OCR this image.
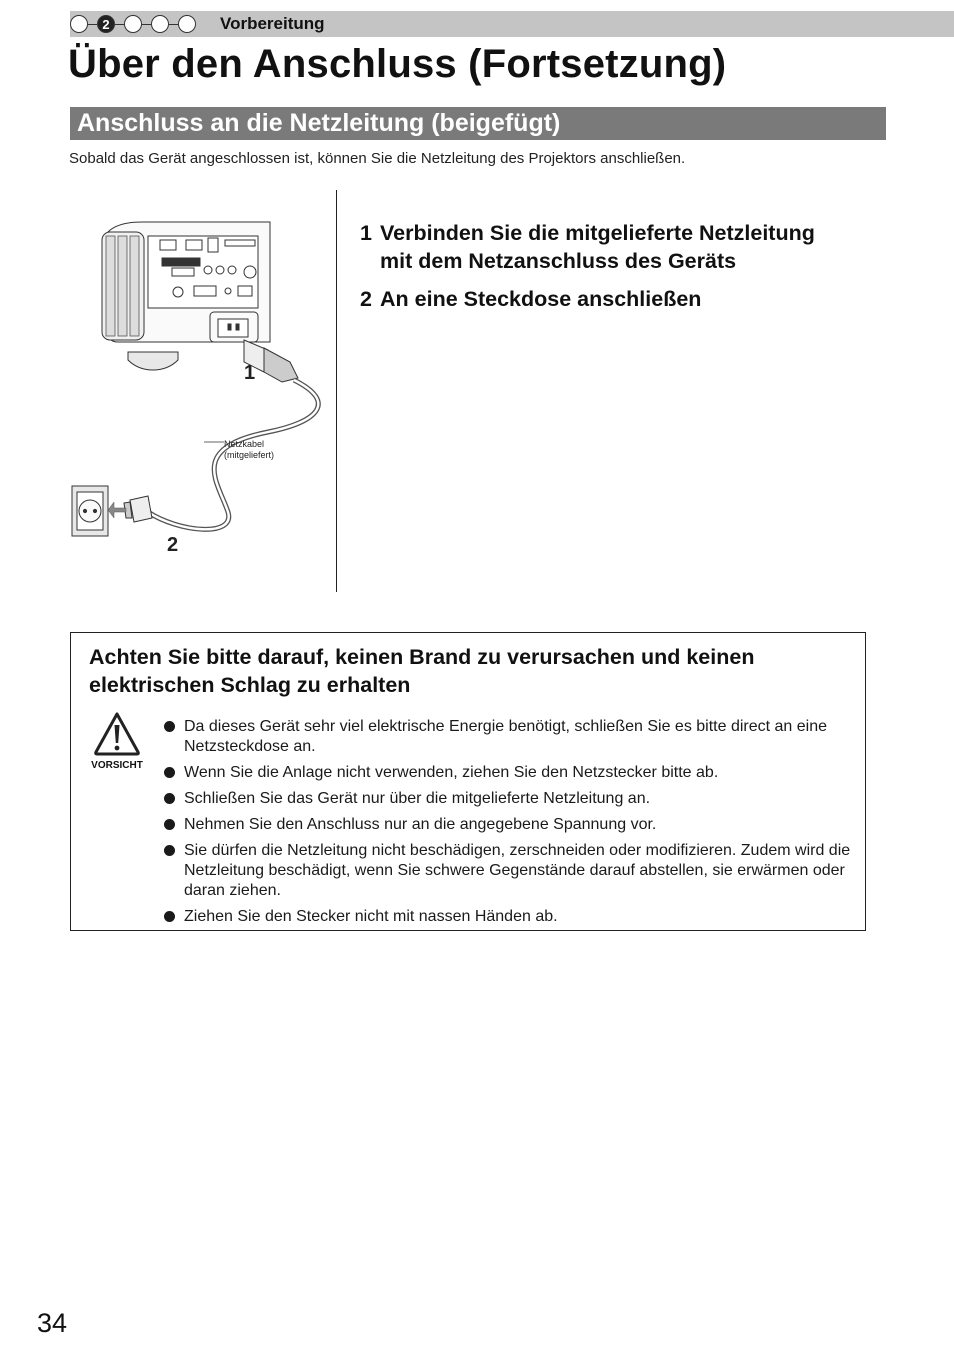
2	Vorbereitung
Über den Anschluss (Fortsetzung)
Anschluss an die Netzleitung (beigefügt)
Sobald das Gerät angeschlossen ist, können Sie die Netzleitung des Projektors anschließen.
1
2
Netzkabel
(mitgeliefert)
1 Verbinden Sie die mitgelieferte Netzleitung
mit dem Netzanschluss des Geräts
2 An eine Steckdose anschließen
Achten Sie bitte darauf, keinen Brand zu verursachen und keinen elektrischen Schlag zu erhalten
VORSICHT
Da dieses Gerät sehr viel elektrische Energie benötigt, schließen Sie es bitte direct an eine Netzsteckdose an.
Wenn Sie die Anlage nicht verwenden, ziehen Sie den Netzstecker bitte ab.
Schließen Sie das Gerät nur über die mitgelieferte Netzleitung an.
Nehmen Sie den Anschluss nur an die angegebene Spannung vor.
Sie dürfen die Netzleitung nicht beschädigen, zerschneiden oder modifizieren. Zudem wird die Netzleitung beschädigt, wenn Sie schwere Gegenstände darauf abstellen, sie erwärmen oder daran ziehen.
Ziehen Sie den Stecker nicht mit nassen Händen ab.
34
